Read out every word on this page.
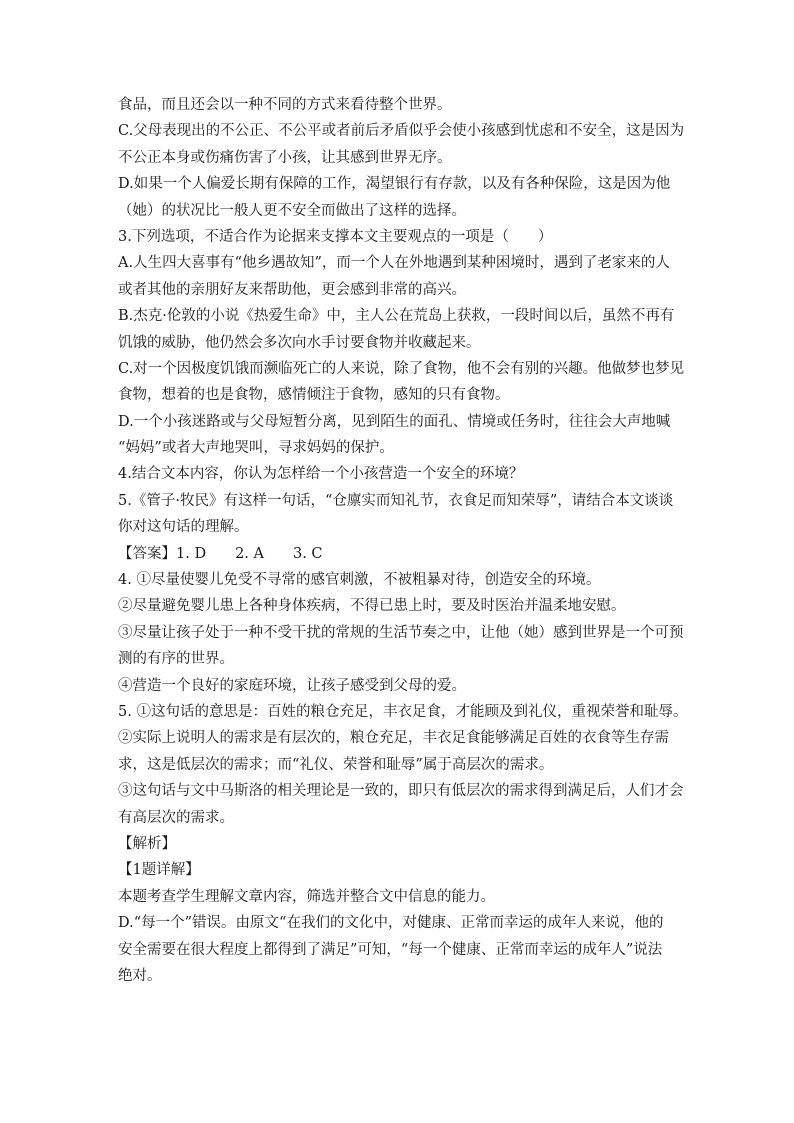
食品，而且还会以一种不同的方式来看待整个世界。
C.父母表现出的不公正、不公平或者前后矛盾似乎会使小孩感到忧虑和不安全，这是因为
不公正本身或伤痛伤害了小孩，让其感到世界无序。
D.如果一个人偏爱长期有保障的工作，渴望银行有存款，以及有各种保险，这是因为他
（她）的状况比一般人更不安全而做出了这样的选择。
3.下列选项，不适合作为论据来支撑本文主要观点的一项是（　　）
A.人生四大喜事有“他乡遇故知”，而一个人在外地遇到某种困境时，遇到了老家来的人
或者其他的亲朋好友来帮助他，更会感到非常的高兴。
B.杰克·伦敦的小说《热爱生命》中，主人公在荒岛上获救，一段时间以后，虽然不再有
饥饿的威胁，他仍然会多次向水手讨要食物并收藏起来。
C.对一个因极度饥饿而濒临死亡的人来说，除了食物，他不会有别的兴趣。他做梦也梦见
食物，想着的也是食物，感情倾注于食物，感知的只有食物。
D.一个小孩迷路或与父母短暂分离，见到陌生的面孔、情境或任务时，往往会大声地喊
“妈妈”或者大声地哭叫，寻求妈妈的保护。
4.结合文本内容，你认为怎样给一个小孩营造一个安全的环境？
5.《管子·牧民》有这样一句话，“仓廪实而知礼节，衣食足而知荣辱”，请结合本文谈谈
你对这句话的理解。
【答案】1. D　　2. A　　3. C
4. ①尽量使婴儿免受不寻常的感官刺激，不被粗暴对待，创造安全的环境。
②尽量避免婴儿患上各种身体疾病，不得已患上时，要及时医治并温柔地安慰。
③尽量让孩子处于一种不受干扰的常规的生活节奏之中，让他（她）感到世界是一个可预
测的有序的世界。
④营造一个良好的家庭环境，让孩子感受到父母的爱。
5. ①这句话的意思是：百姓的粮仓充足，丰衣足食，才能顾及到礼仪，重视荣誉和耻辱。
②实际上说明人的需求是有层次的，粮仓充足，丰衣足食能够满足百姓的衣食等生存需
求，这是低层次的需求；而“礼仪、荣誉和耻辱”属于高层次的需求。
③这句话与文中马斯洛的相关理论是一致的，即只有低层次的需求得到满足后，人们才会
有高层次的需求。
【解析】
【1题详解】
本题考查学生理解文章内容，筛选并整合文中信息的能力。
D.“每一个”错误。由原文“在我们的文化中，对健康、正常而幸运的成年人来说，他的
安全需要在很大程度上都得到了满足”可知，“每一个健康、正常而幸运的成年人”说法
绝对。
